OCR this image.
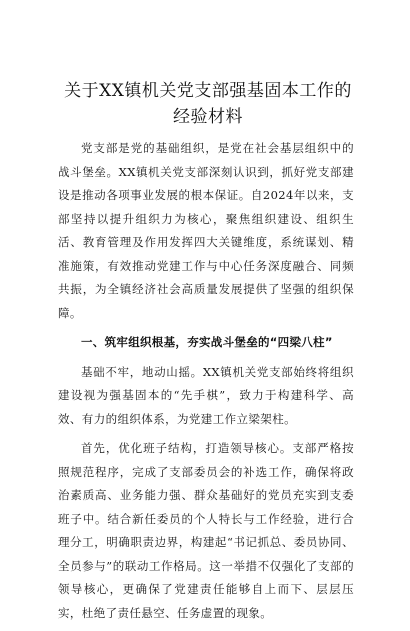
关于XX镇机关党支部强基固本工作的经验材料

党支部是党的基础组织，是党在社会基层组织中的战斗堡垒。XX镇机关党支部深刻认识到，抓好党支部建设是推动各项事业发展的根本保证。自2024年以来，支部坚持以提升组织力为核心，聚焦组织建设、组织生活、教育管理及作用发挥四大关键维度，系统谋划、精准施策，有效推动党建工作与中心任务深度融合、同频共振，为全镇经济社会高质量发展提供了坚强的组织保障。

一、筑牢组织根基，夯实战斗堡垒的“四梁八柱”

基础不牢，地动山摇。XX镇机关党支部始终将组织建设视为强基固本的“先手棋”，致力于构建科学、高效、有力的组织体系，为党建工作立梁架柱。

首先，优化班子结构，打造领导核心。支部严格按照规范程序，完成了支部委员会的补选工作，确保将政治素质高、业务能力强、群众基础好的党员充实到支委班子中。结合新任委员的个人特长与工作经验，进行合理分工，明确职责边界，构建起“书记抓总、委员协同、全员参与”的联动工作格局。这一举措不仅强化了支部的领导核心，更确保了党建责任能够自上而下、层层压实，杜绝了责任悬空、任务虚置的现象。
